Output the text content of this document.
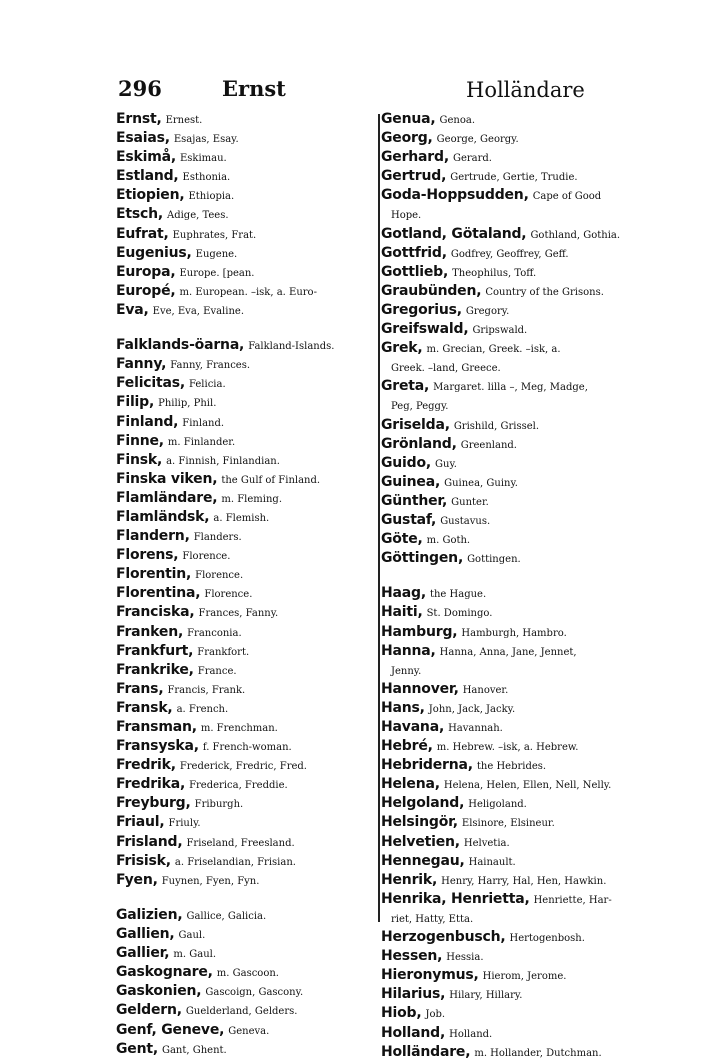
296	Ernst	Holländare
Ernst, Ernest.
Esaias, Esajas, Esay.
Eskimå, Eskimau.
Estland, Esthonia.
Etiopien, Ethiopia.
Etsch, Adige, Tees.
Eufrat, Euphrates, Frat.
Eugenius, Eugene.
Europa, Europe. [pean.
Europé, m. European. –isk, a. Euro-
Eva, Eve, Eva, Evaline.
Falklands-öarna, Falkland-Islands.
Fanny, Fanny, Frances.
Felicitas, Felicia.
Filip, Philip, Phil.
Finland, Finland.
Finne, m. Finlander.
Finsk, a. Finnish, Finlandian.
Finska viken, the Gulf of Finland.
Flamländare, m. Fleming.
Flamländsk, a. Flemish.
Flandern, Flanders.
Florens, Florence.
Florentin, Florence.
Florentina, Florence.
Franciska, Frances, Fanny.
Franken, Franconia.
Frankfurt, Frankfort.
Frankrike, France.
Frans, Francis, Frank.
Fransk, a. French.
Fransman, m. Frenchman.
Fransyska, f. French-woman.
Fredrik, Frederick, Fredric, Fred.
Fredrika, Frederica, Freddie.
Freyburg, Friburgh.
Friaul, Friuly.
Frisland, Friseland, Freesland.
Frisisk, a. Friselandian, Frisian.
Fyen, Fuynen, Fyen, Fyn.
Galizien, Gallice, Galicia.
Gallien, Gaul.
Gallier, m. Gaul.
Gaskognare, m. Gascoon.
Gaskonien, Gascoign, Gascony.
Geldern, Guelderland, Gelders.
Genf, Geneve, Geneva.
Gent, Gant, Ghent.
Genua, Genoa.
Georg, George, Georgy.
Gerhard, Gerard.
Gertrud, Gertrude, Gertie, Trudie.
Goda-Hoppsudden, Cape of Good
Hope.
Gotland, Götaland, Gothland, Gothia.
Gottfrid, Godfrey, Geoffrey, Geff.
Gottlieb, Theophilus, Toff.
Graubünden, Country of the Grisons.
Gregorius, Gregory.
Greifswald, Gripswald.
Grek, m. Grecian, Greek. –isk, a.
Greek. –land, Greece.
Greta, Margaret. lilla –, Meg, Madge,
Peg, Peggy.
Griselda, Grishild, Grissel.
Grönland, Greenland.
Guido, Guy.
Guinea, Guinea, Guiny.
Günther, Gunter.
Gustaf, Gustavus.
Göte, m. Goth.
Göttingen, Gottingen.
Haag, the Hague.
Haiti, St. Domingo.
Hamburg, Hamburgh, Hambro.
Hanna, Hanna, Anna, Jane, Jennet,
Jenny.
Hannover, Hanover.
Hans, John, Jack, Jacky.
Havana, Havannah.
Hebré, m. Hebrew. –isk, a. Hebrew.
Hebriderna, the Hebrides.
Helena, Helena, Helen, Ellen, Nell, Nelly.
Helgoland, Heligoland.
Helsingör, Elsinore, Elsineur.
Helvetien, Helvetia.
Hennegau, Hainault.
Henrik, Henry, Harry, Hal, Hen, Hawkin.
Henrika, Henrietta, Henriette, Har-
riet, Hatty, Etta.
Herzogenbusch, Hertogenbosh.
Hessen, Hessia.
Hieronymus, Hierom, Jerome.
Hilarius, Hilary, Hillary.
Hiob, Job.
Holland, Holland.
Holländare, m. Hollander, Dutchman.
